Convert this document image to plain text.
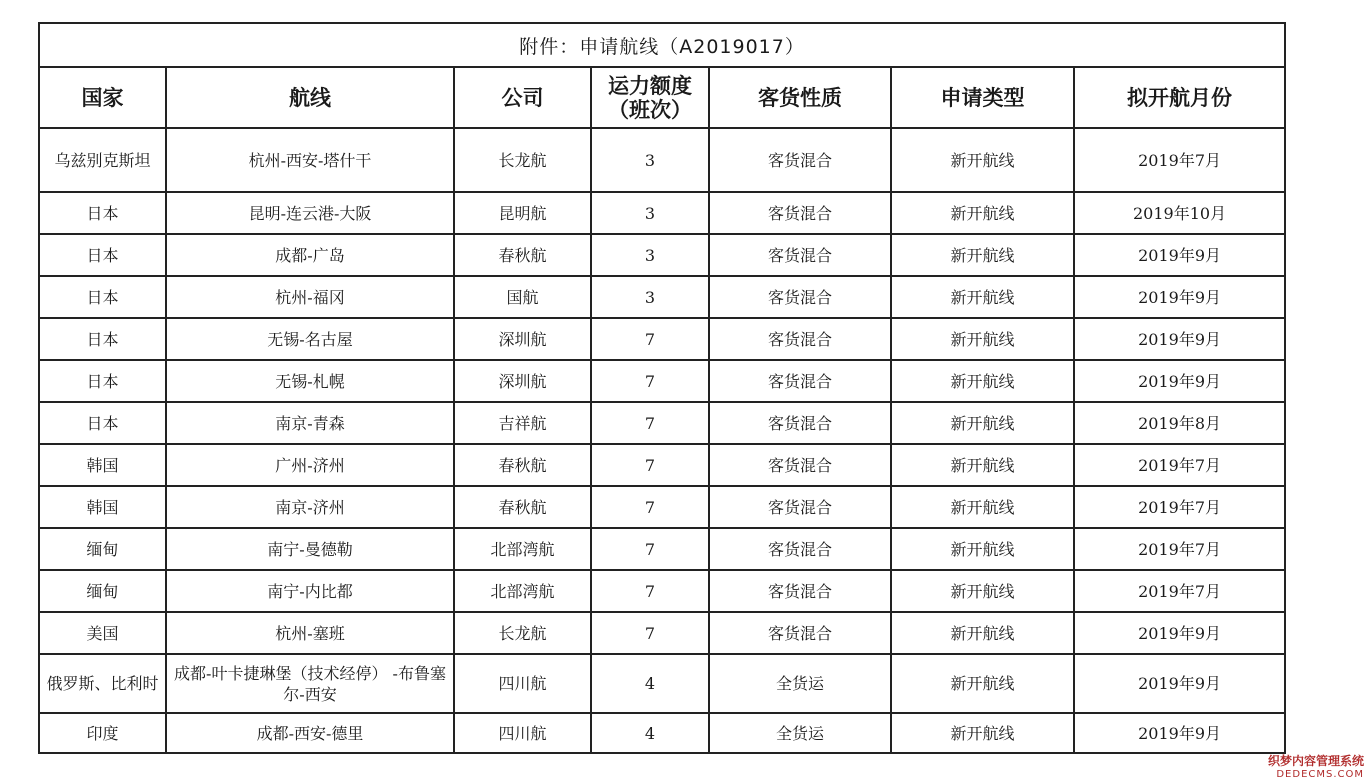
附件：申请航线（A2019017）						
国家	航线	公司	运力额度（班次）	客货性质	申请类型	拟开航月份
乌兹别克斯坦	杭州-西安-塔什干	长龙航	3	客货混合	新开航线	2019年7月
日本	昆明-连云港-大阪	昆明航	3	客货混合	新开航线	2019年10月
日本	成都-广岛	春秋航	3	客货混合	新开航线	2019年9月
日本	杭州-福冈	国航	3	客货混合	新开航线	2019年9月
日本	无锡-名古屋	深圳航	7	客货混合	新开航线	2019年9月
日本	无锡-札幌	深圳航	7	客货混合	新开航线	2019年9月
日本	南京-青森	吉祥航	7	客货混合	新开航线	2019年8月
韩国	广州-济州	春秋航	7	客货混合	新开航线	2019年7月
韩国	南京-济州	春秋航	7	客货混合	新开航线	2019年7月
缅甸	南宁-曼德勒	北部湾航	7	客货混合	新开航线	2019年7月
缅甸	南宁-内比都	北部湾航	7	客货混合	新开航线	2019年7月
美国	杭州-塞班	长龙航	7	客货混合	新开航线	2019年9月
俄罗斯、比利时	成都-叶卡捷琳堡（技术经停） -布鲁塞尔-西安	四川航	4	全货运	新开航线	2019年9月
印度	成都-西安-德里	四川航	4	全货运	新开航线	2019年9月
织梦内容管理系统
DEDECMS.COM
